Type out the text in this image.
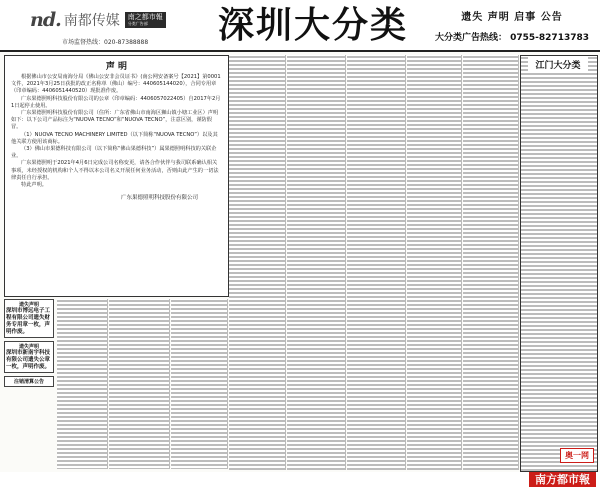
nd. 南都传媒	南之都市報
分类广告部
市场监督热线：020-87388888 深圳大分类	遗失 声明 启事 公告
大分类广告热线： 0755-82713783
声 明

根据佛山市公安局南海分局《佛山公安非会员证书》(南公网安备案号【2021】第0001文件，2021年3月25日获批的改正名称单（佛山）编号：440605144020），合同专用章（印章编码：4406051440520）现批准作废。

广东果德照明科技股份有限公司的公章（印章编码：4406057022405）自2017年2月1日起停止使用。

广东果德照明科技股份有限公司（住所：广东省佛山市南海区狮山镇小塘工业区）声明如下：以下公司产品标注为“NUOVA TECNO”和“NUOVA TECNO”，注意区别，谨防假冒。

（1）NUOVA TECNO MACHINERY LIMITED（以下简称“NUOVA TECNO”）以及其他关联方使用该商标。

（3）佛山市果德科技有限公司（以下简称“佛山果德科技”）属果德照明科技的关联企业。

广东果德照明于2021年4月6日完成公司名称变更，请各合作伙伴与我司联系确认相关事项，未经授权的机构和个人不得以本公司名义开展任何业务活动，否则由此产生的一切法律责任自行承担。

特此声明。

广东果德照明科技股份有限公司
遗失声明
深圳市博远电子工程有限公司遗失财务专用章一枚，声明作废。
遗失声明
深圳市新南宇科技有限公司遗失公章一枚，声明作废。
注销清算公告
江门大分类
南方都市報
奥一网
